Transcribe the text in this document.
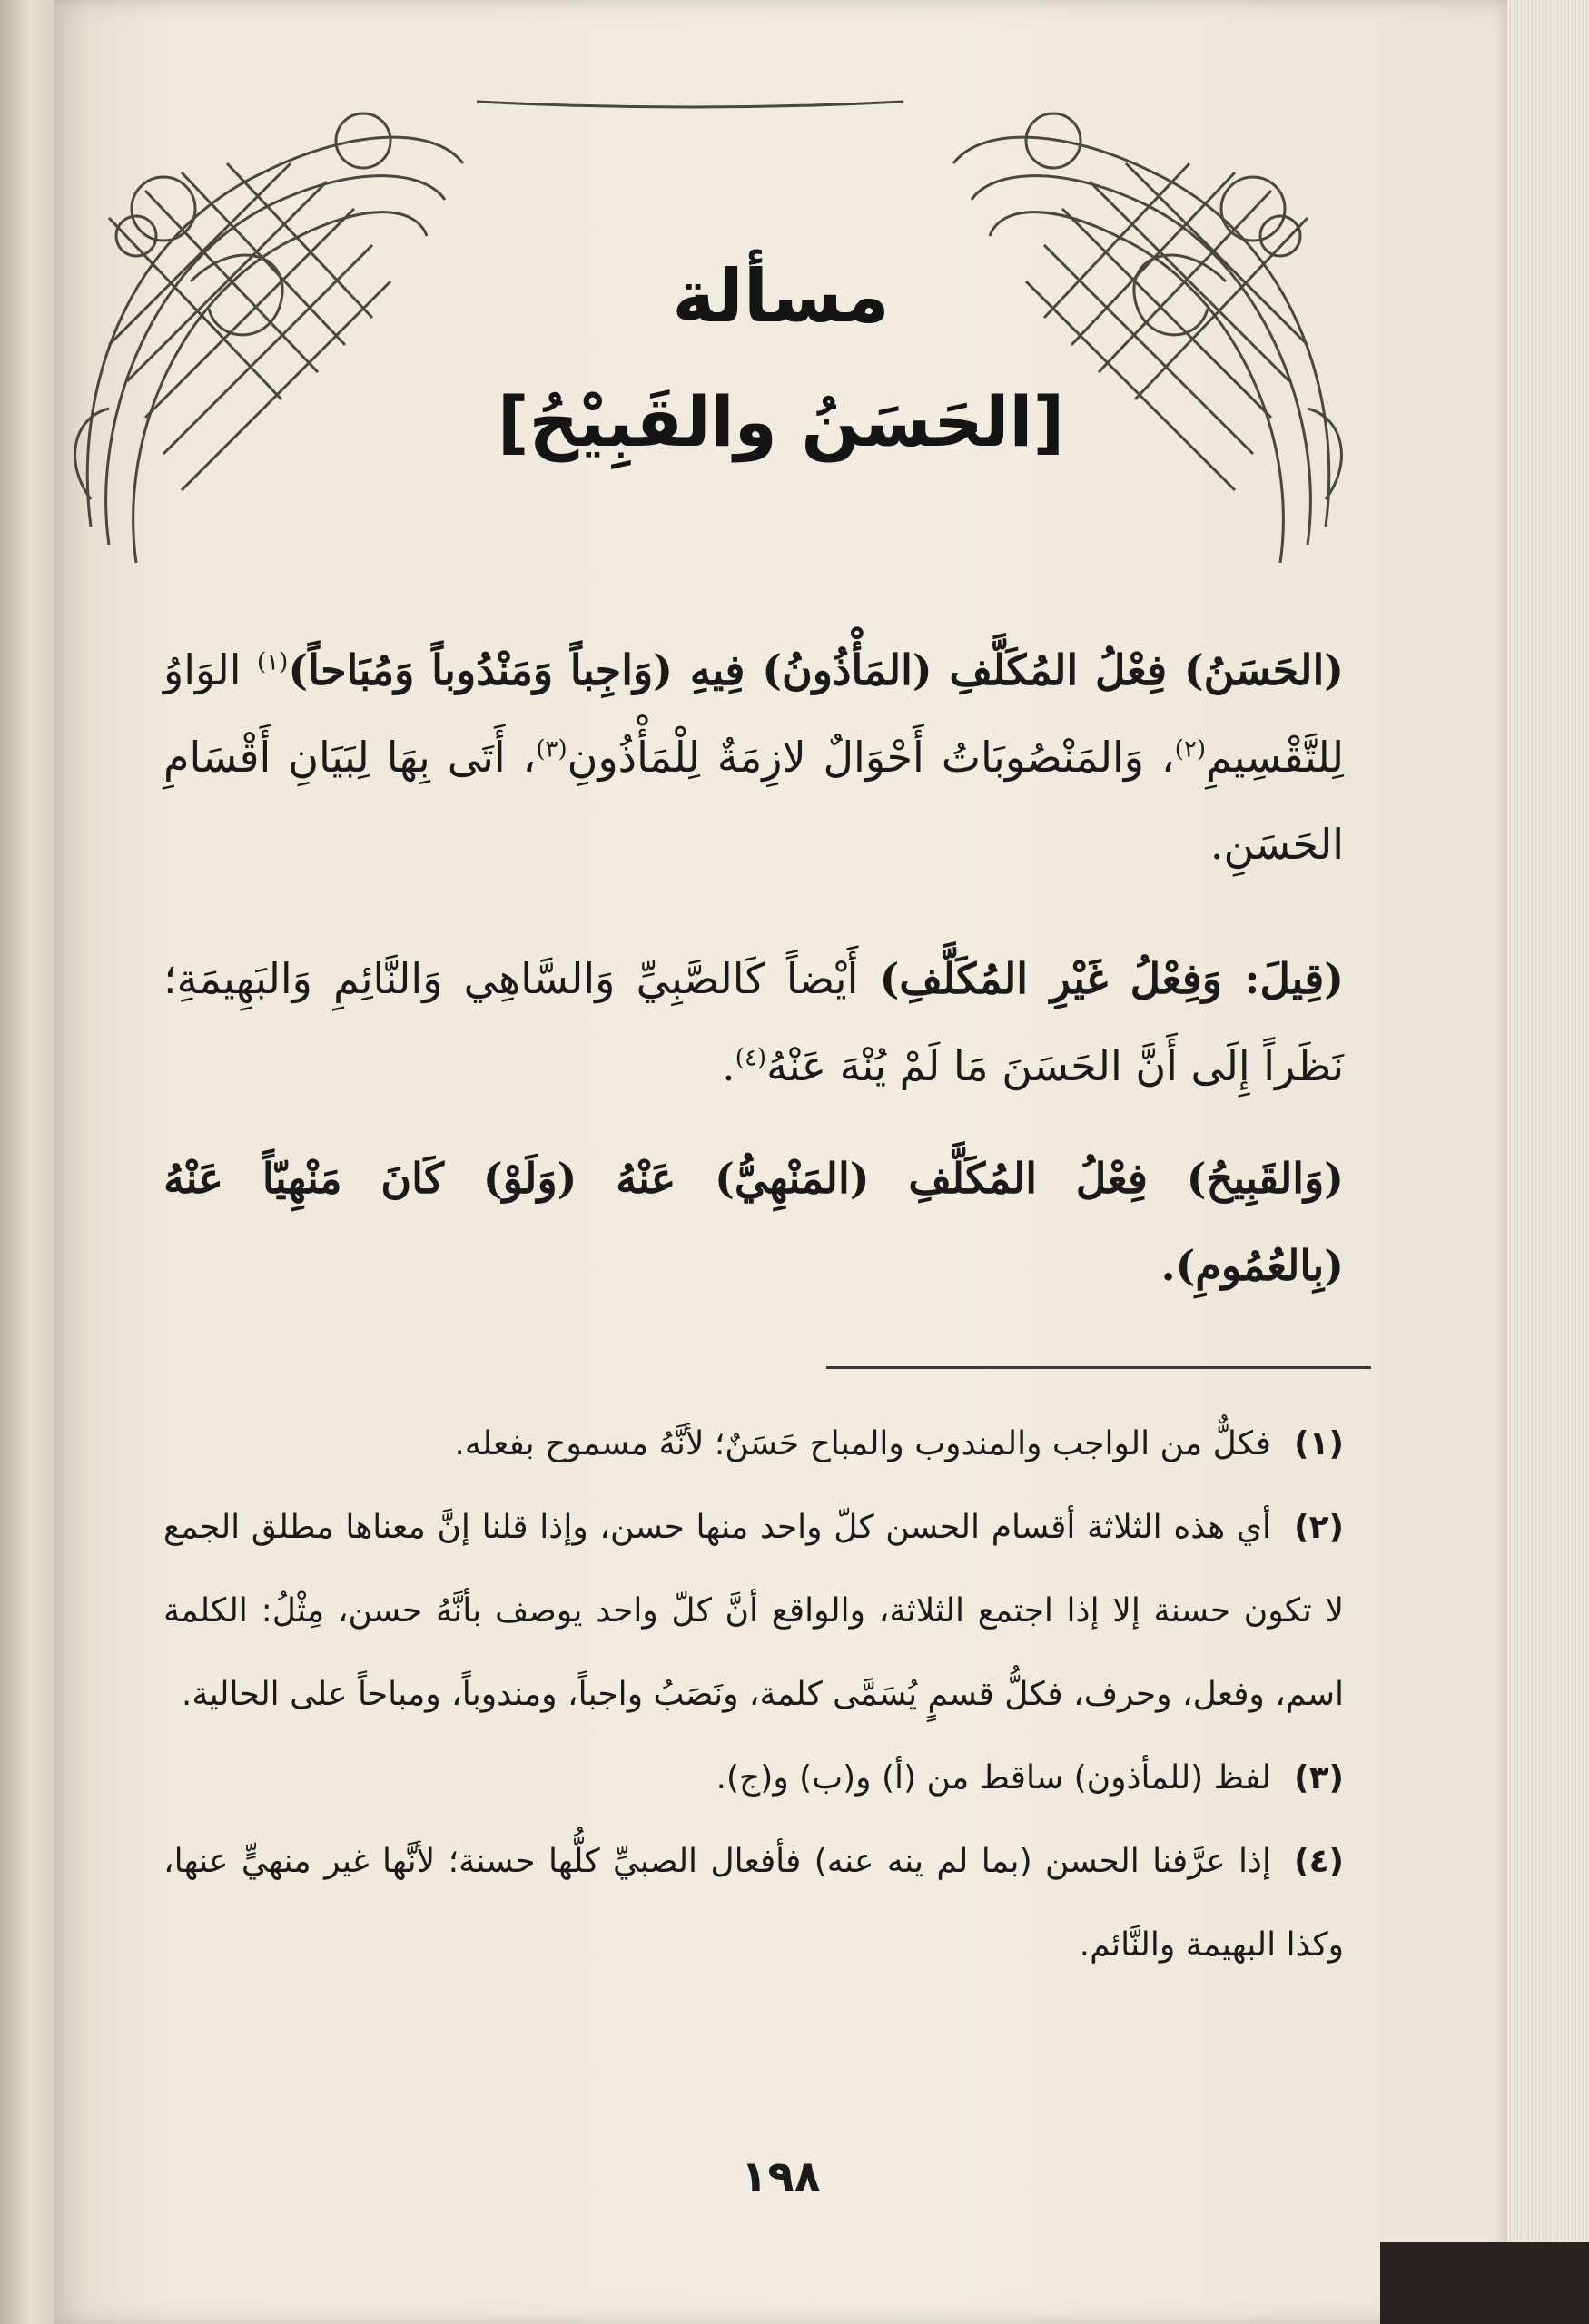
مسألة
[الحَسَنُ والقَبِيْحُ]
(الحَسَنُ) فِعْلُ المُكَلَّفِ (المَأْذُونُ) فِيهِ (وَاجِباً وَمَنْدُوباً وَمُبَاحاً)$^{(١)}$ الوَاوُ لِلتَّقْسِيمِ$^{(٢)}$، وَالمَنْصُوبَاتُ أَحْوَالٌ لازِمَةٌ لِلْمَأْذُونِ$^{(٣)}$، أَتَى بِهَا لِبَيَانِ أَقْسَامِ الحَسَنِ.
(قِيلَ: وَفِعْلُ غَيْرِ المُكَلَّفِ) أَيْضاً كَالصَّبِيِّ وَالسَّاهِي وَالنَّائِمِ وَالبَهِيمَةِ؛ نَظَراً إِلَى أَنَّ الحَسَنَ مَا لَمْ يُنْهَ عَنْهُ$^{(٤)}$.
(وَالقَبِيحُ) فِعْلُ المُكَلَّفِ (المَنْهِيُّ) عَنْهُ (وَلَوْ) كَانَ مَنْهِيّاً عَنْهُ (بِالعُمُومِ).
(١)فكلٌّ من الواجب والمندوب والمباح حَسَنٌ؛ لأنَّهُ مسموح بفعله.
(٢)أي هذه الثلاثة أقسام الحسن كلّ واحد منها حسن، وإذا قلنا إنَّ معناها مطلق الجمع لا تكون حسنة إلا إذا اجتمع الثلاثة، والواقع أنَّ كلّ واحد يوصف بأنَّهُ حسن، مِثْلُ: الكلمة اسم، وفعل، وحرف، فكلُّ قسمٍ يُسَمَّى كلمة، ونَصَبُ واجباً، ومندوباً، ومباحاً على الحالية.
(٣)لفظ (للمأذون) ساقط من (أ) و(ب) و(ج).
(٤)إذا عرَّفنا الحسن (بما لم ينه عنه) فأفعال الصبيِّ كلُّها حسنة؛ لأنَّها غير منهيٍّ عنها، وكذا البهيمة والنَّائم.
١٩٨
